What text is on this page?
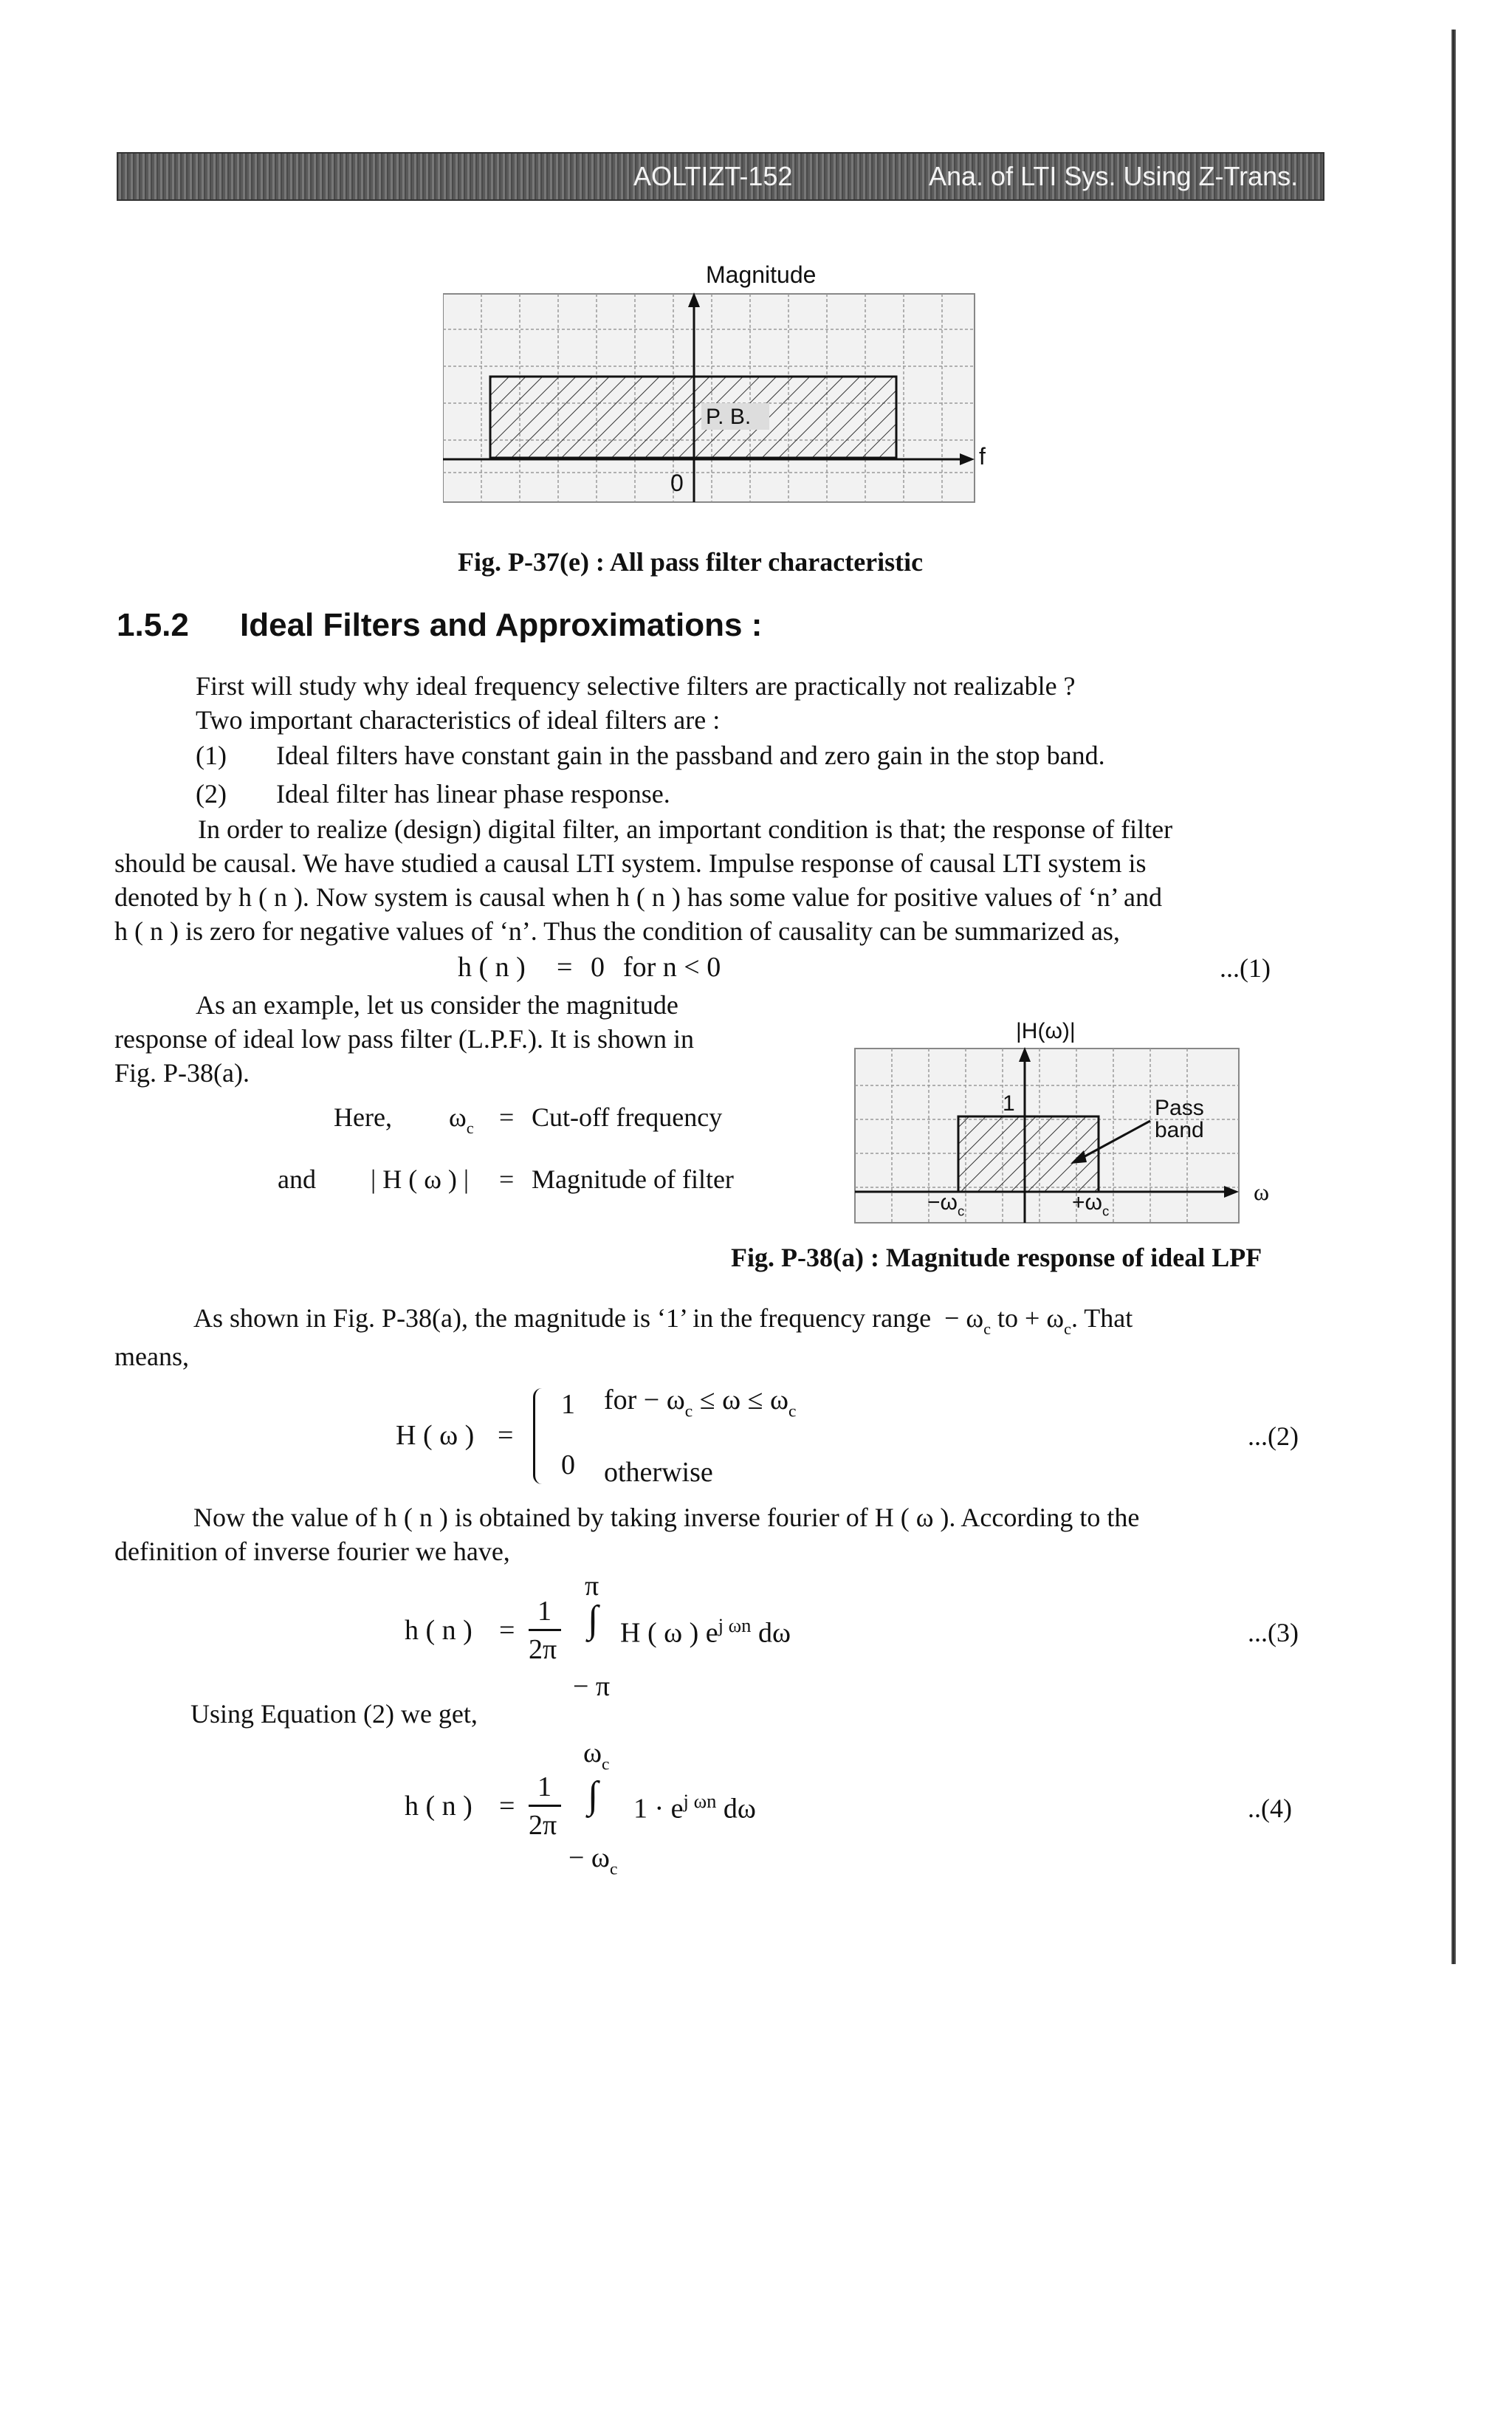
AOLTIZT-152	Ana. of LTI Sys. Using Z-Trans.
Magnitude
f
0
P. B.
Fig. P-37(e) : All pass filter characteristic
1.5.2 Ideal Filters and Approximations :
First will study why ideal frequency selective filters are practically not realizable ?
Two important characteristics of ideal filters are :
(1) Ideal filters have constant gain in the passband and zero gain in the stop band.
(2) Ideal filter has linear phase response.
In order to realize (design) digital filter, an important condition is that; the response of filter
should be causal. We have studied a causal LTI system. Impulse response of causal LTI system is
denoted by h ( n ). Now system is causal when h ( n ) has some value for positive values of ‘n’ and
h ( n ) is zero for negative values of ‘n’. Thus the condition of causality can be summarized as,
h ( n ) = 0 for n < 0	...(1)
As an example, let us consider the magnitude
response of ideal low pass filter (L.P.F.). It is shown in
Fig. P-38(a).
Here, $\omega_c = Cut-off$ frequency
and | H ( ω ) | = Magnitude of filter
|H(ω)|
1	Pass
band
$-\omega_c$	$+\omega_c$
ω
Fig. P-38(a) : Magnitude response of ideal LPF
As shown in Fig. P-38(a), the magnitude is ‘1’ in the frequency range  − $\omega_c$ to + $\omega_c$. That
means,
H ( ω ) =
1 for − $\omega_c \le \omega \le \omega_c$
0 otherwise
...(2)
Now the value of h ( n ) is obtained by taking inverse fourier of H ( ω ). According to the
definition of inverse fourier we have,
h ( n ) =
1
2π
π
∫
− π
H ( ω ) $e^{j \omega n}$ dω	...(3)
Using Equation (2) we get,
h ( n ) =
1
2π
$\omega_c$
∫
− $\omega_c$
$1 \cdot e^{j \omega n}$ dω	..(4)
